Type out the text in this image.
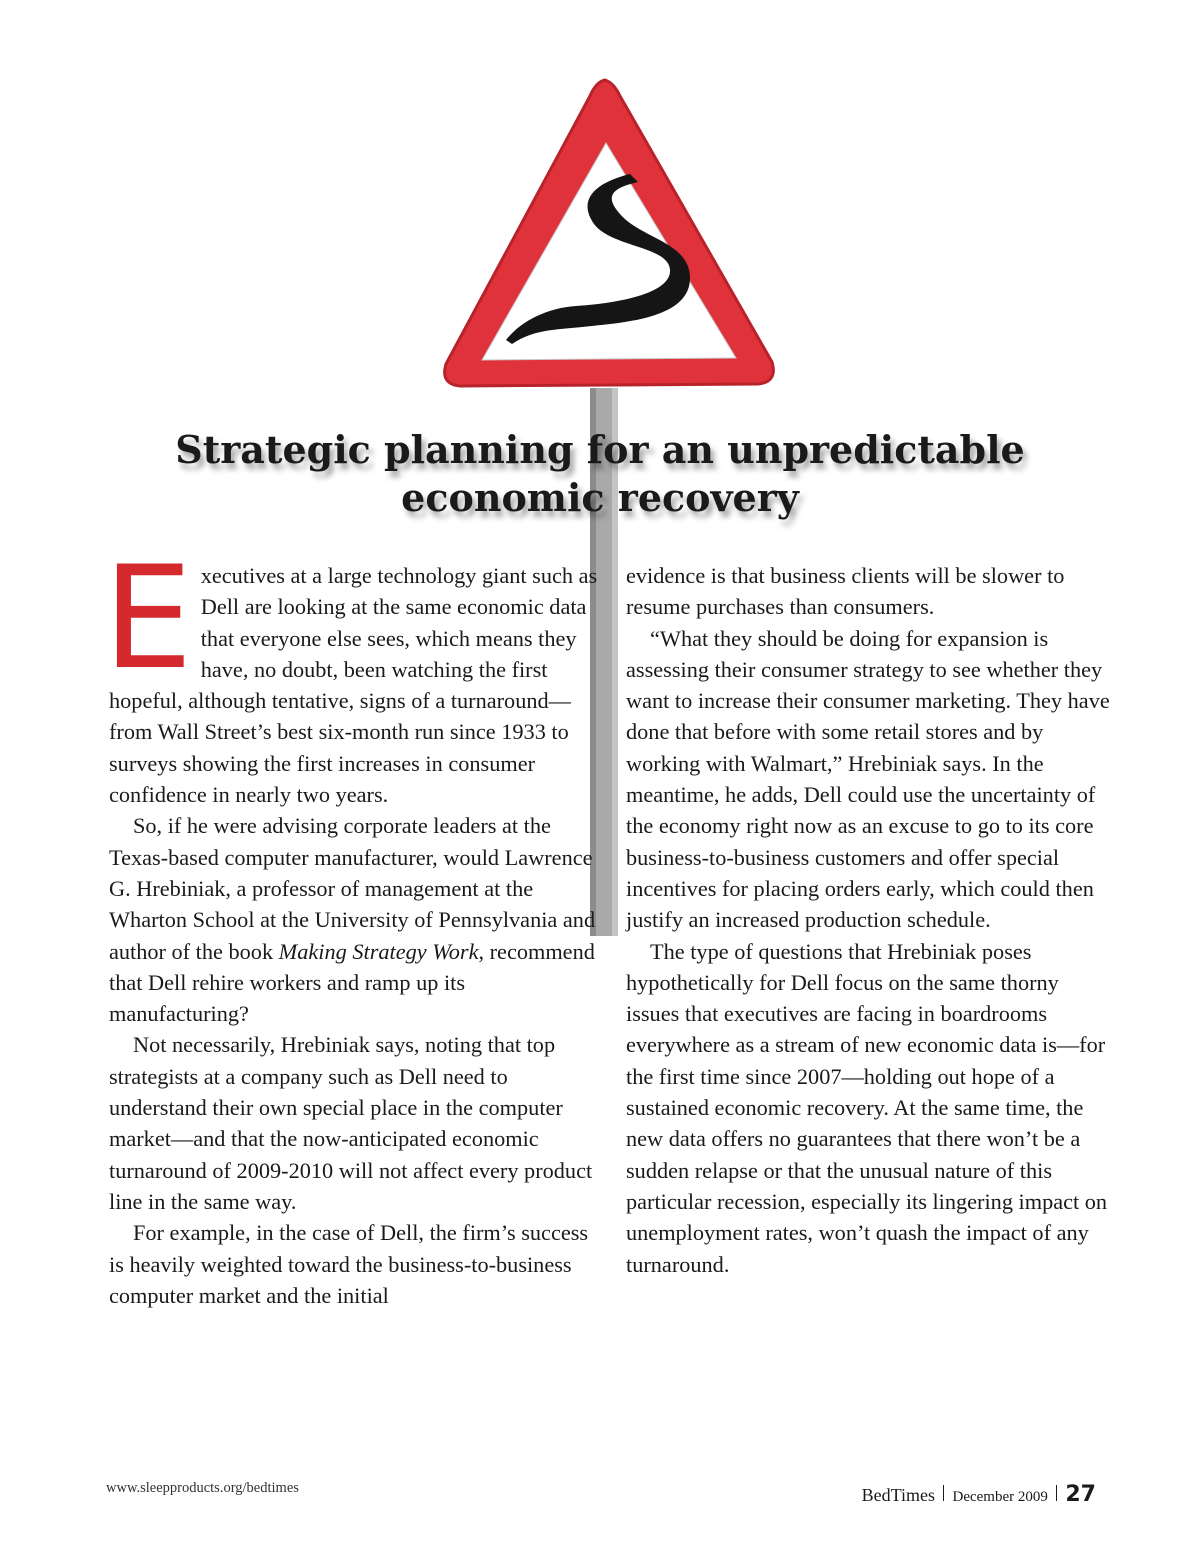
Strategic planning for an unpredictable
economic recovery

Executives at a large technology giant such as Dell are looking at the same economic data that everyone else sees, which means they have, no doubt, been watching the first hopeful, although tentative, signs of a turnaround—from Wall Street’s best six-month run since 1933 to surveys showing the first increases in consumer confidence in nearly two years.

So, if he were advising corporate leaders at the Texas-based computer manufacturer, would Lawrence G. Hrebiniak, a professor of management at the Wharton School at the University of Pennsylvania and author of the book Making Strategy Work, recommend that Dell rehire workers and ramp up its manufacturing?

Not necessarily, Hrebiniak says, noting that top strategists at a company such as Dell need to understand their own special place in the computer market—and that the now-anticipated economic turnaround of 2009-2010 will not affect every product line in the same way.

For example, in the case of Dell, the firm’s success is heavily weighted toward the business-to-business computer market and the initial

evidence is that business clients will be slower to resume purchases than consumers.

“What they should be doing for expansion is assessing their consumer strategy to see whether they want to increase their consumer marketing. They have done that before with some retail stores and by working with Walmart,” Hrebiniak says. In the meantime, he adds, Dell could use the uncertainty of the economy right now as an excuse to go to its core business-to-business customers and offer special incentives for placing orders early, which could then justify an increased production schedule.

The type of questions that Hrebiniak poses hypothetically for Dell focus on the same thorny issues that executives are facing in boardrooms everywhere as a stream of new economic data is—for the first time since 2007—holding out hope of a sustained economic recovery. At the same time, the new data offers no guarantees that there won’t be a sudden relapse or that the unusual nature of this particular recession, especially its lingering impact on unemployment rates, won’t quash the impact of any turnaround.

www.sleepproducts.org/bedtimes	BedTimes December 2009 27
